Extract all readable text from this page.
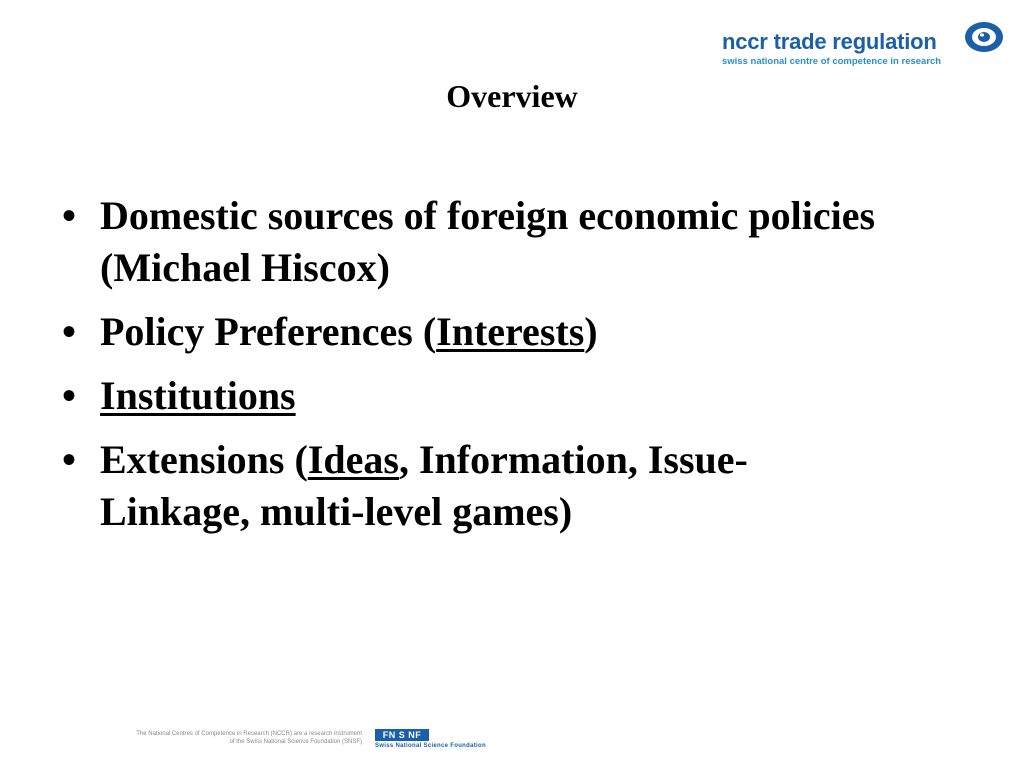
nccr trade regulation
swiss national centre of competence in research
Overview
• Domestic sources of foreign economic policies (Michael Hiscox)
• Policy Preferences (Interests)
• Institutions
• Extensions (Ideas, Information, Issue-Linkage, multi-level games)
The National Centres of Competence in Research (NCCR) are a research instrument
of the Swiss National Science Foundation (SNSF)
FN S NF
Swiss National Science Foundation
